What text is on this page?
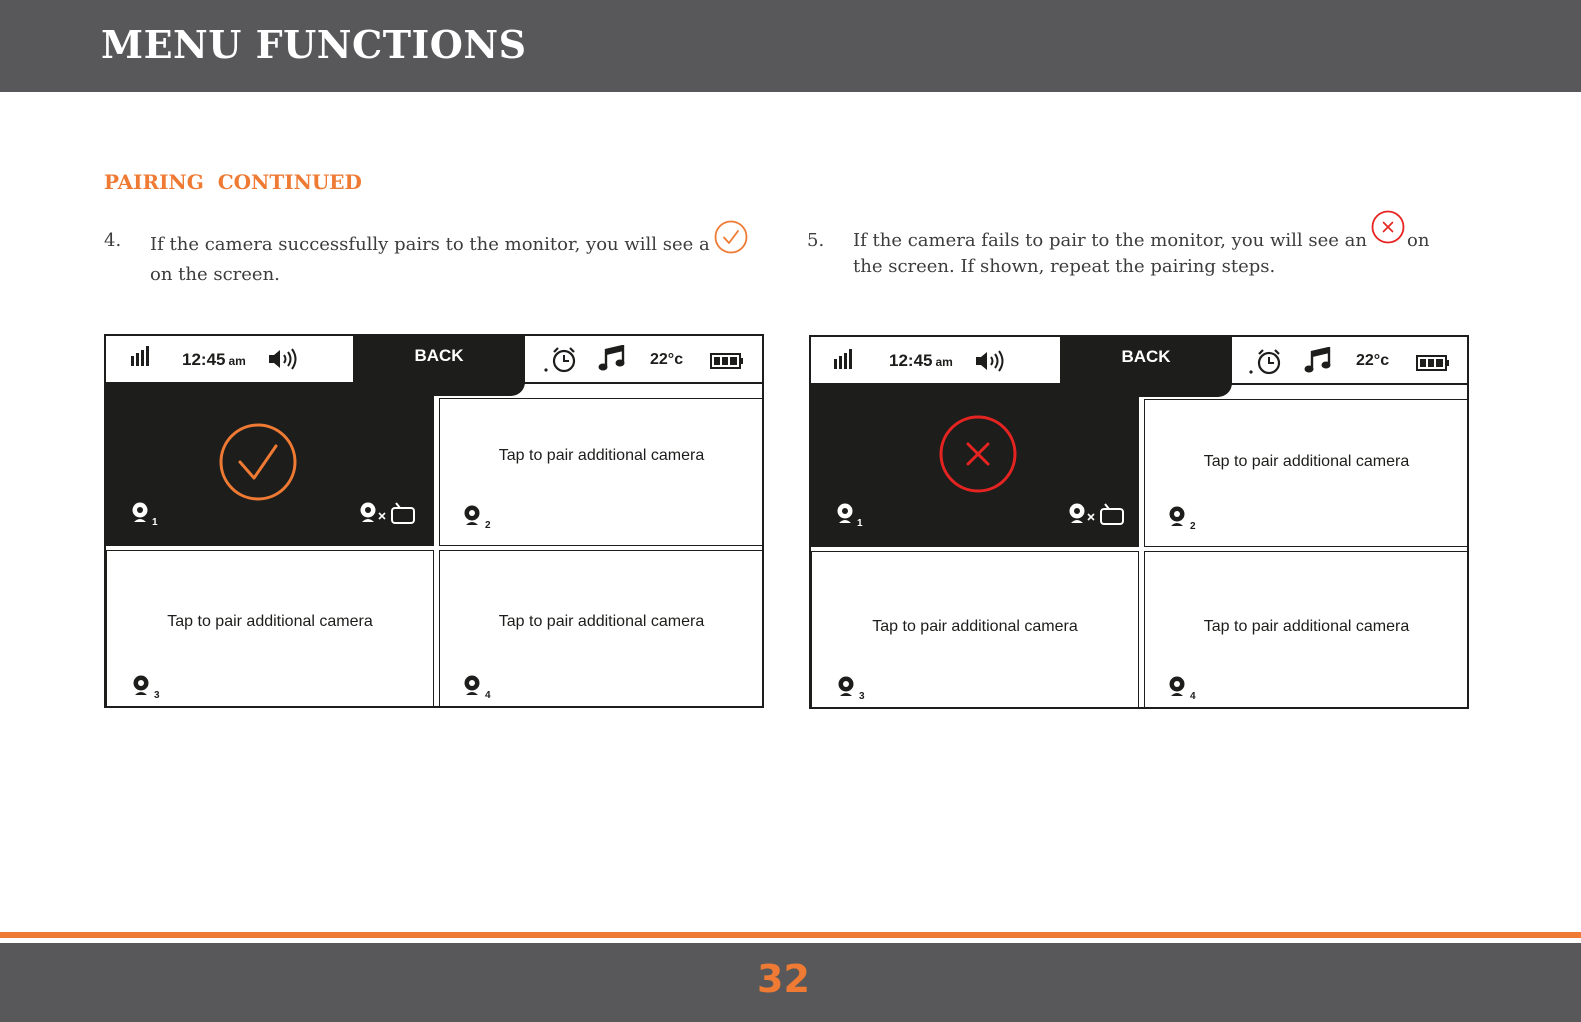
MENU FUNCTIONS
PAIRING  CONTINUED
4. If the camera successfully pairs to the monitor, you will see a
on the screen.
5. If the camera fails to pair to the monitor, you will see an on
the screen. If shown, repeat the pairing steps.
12:45 am	BACK	22°c
1
Tap to pair additional camera
2
Tap to pair additional camera
3
Tap to pair additional camera
4
12:45 am	BACK	22°c
1
Tap to pair additional camera
2
Tap to pair additional camera
3
Tap to pair additional camera
4
32
